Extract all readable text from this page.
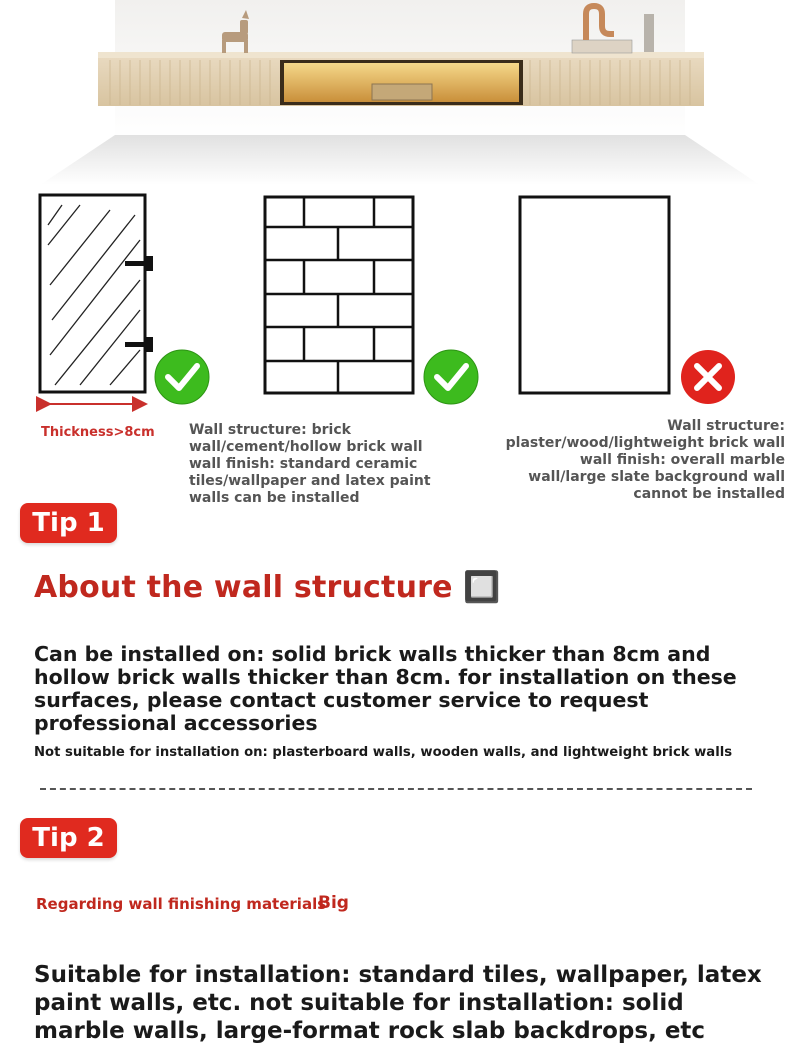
Thickness>8cm Wall structure: brick wall/cement/hollow brick wall wall finish: standard ceramic tiles/wallpaper and latex paint walls can be installed
Wall structure: plaster/wood/lightweight brick wall wall finish: overall marble wall/large slate background wall cannot be installed
Tip 1
About the wall structure 🔲
Can be installed on: solid brick walls thicker than 8cm and hollow brick walls thicker than 8cm. for installation on these surfaces, please contact customer service to request professional accessories
Not suitable for installation on: plasterboard walls, wooden walls, and lightweight brick walls
Tip 2
Regarding wall finishing materials
Big
Suitable for installation: standard tiles, wallpaper, latex paint walls, etc. not suitable for installation: solid marble walls, large-format rock slab backdrops, etc
